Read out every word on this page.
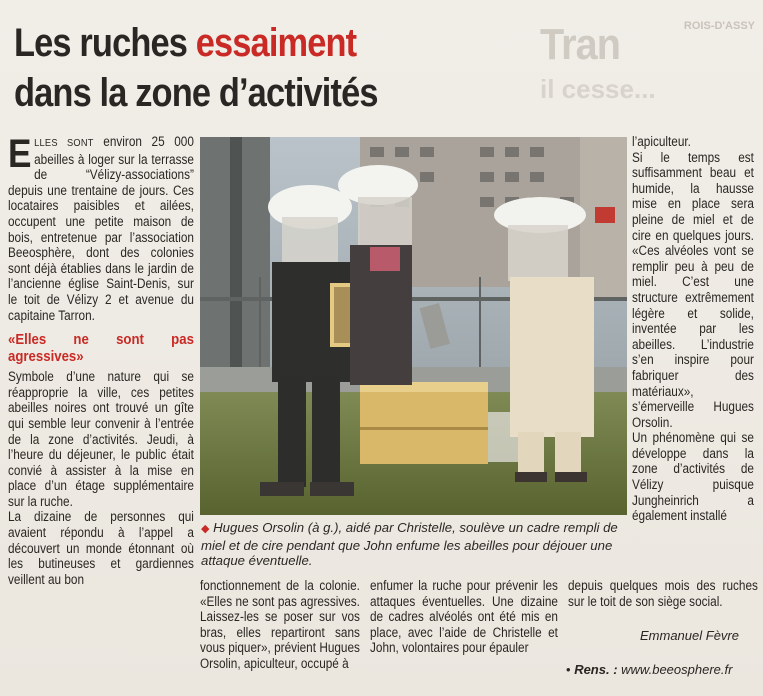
ROIS-D'ASSY
Tran
il cesse...
Les ruches essaiment
dans la zone d’activités

ELLES SONT environ 25 000 abeilles à loger sur la terrasse de “Vélizy-associations” depuis une trentaine de jours. Ces locataires paisibles et ailées, occupent une petite maison de bois, entretenue par l’association Beeosphère, dont des colonies sont déjà établies dans le jardin de l’ancienne église Saint-Denis, sur le toit de Vélizy 2 et avenue du capitaine Tarron.

«Elles ne sont pas agressives»

Symbole d’une nature qui se réapproprie la ville, ces petites abeilles noires ont trouvé un gîte qui semble leur convenir à l’entrée de la zone d’activités. Jeudi, à l’heure du déjeuner, le public était convié à assister à la mise en place d’un étage supplémentaire sur la ruche.

La dizaine de personnes qui avaient répondu à l’appel a découvert un monde étonnant où les butineuses et gardiennes veillent au bon

◆ Hugues Orsolin (à g.), aidé par Christelle, soulève un cadre rempli de miel et de cire pendant que John enfume les abeilles pour déjouer une attaque éventuelle.

fonctionnement de la colonie. «Elles ne sont pas agressives. Laissez-les se poser sur vos bras, elles repartiront sans vous piquer», prévient Hugues Orsolin, apiculteur, occupé à

enfumer la ruche pour prévenir les attaques éventuelles. Une dizaine de cadres alvéolés ont été mis en place, avec l’aide de Christelle et John, volontaires pour épauler

l’apiculteur.

Si le temps est suffisamment beau et humide, la hausse mise en place sera pleine de miel et de cire en quelques jours. «Ces alvéoles vont se remplir peu à peu de miel. C’est une structure extrêmement légère et solide, inventée par les abeilles. L’industrie s’en inspire pour fabriquer des matériaux», s’émerveille Hugues Orsolin.

Un phénomène qui se développe dans la zone d’activités de Vélizy puisque Jungheinrich a également installé

depuis quelques mois des ruches sur le toit de son siège social.

Emmanuel Fèvre
• Rens. : www.beeosphere.fr
